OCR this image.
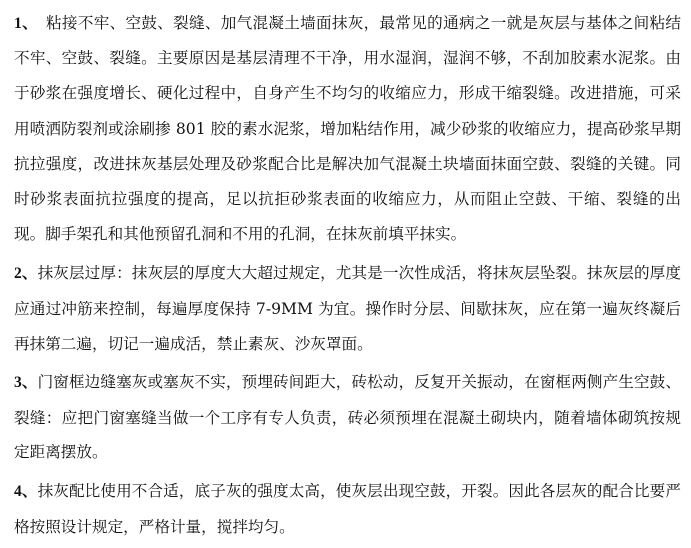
1、　粘接不牢、空鼓、裂缝、加气混凝土墙面抹灰，最常见的通病之一就是灰层与基体之间粘结不牢、空鼓、裂缝。主要原因是基层清理不干净，用水湿润，湿润不够，不刮加胶素水泥浆。由于砂浆在强度增长、硬化过程中，自身产生不均匀的收缩应力，形成干缩裂缝。改进措施，可采用喷洒防裂剂或涂刷掺 801 胶的素水泥浆，增加粘结作用，减少砂浆的收缩应力，提高砂浆早期抗拉强度，改进抹灰基层处理及砂浆配合比是解决加气混凝土块墙面抹面空鼓、裂缝的关键。同时砂浆表面抗拉强度的提高，足以抗拒砂浆表面的收缩应力，从而阻止空鼓、干缩、裂缝的出现。脚手架孔和其他预留孔洞和不用的孔洞，在抹灰前填平抹实。

2、抹灰层过厚：抹灰层的厚度大大超过规定，尤其是一次性成活，将抹灰层坠裂。抹灰层的厚度应通过冲筋来控制，每遍厚度保持 7-9MM 为宜。操作时分层、间歇抹灰，应在第一遍灰终凝后再抹第二遍，切记一遍成活，禁止素灰、沙灰罩面。

3、门窗框边缝塞灰或塞灰不实，预埋砖间距大，砖松动，反复开关振动，在窗框两侧产生空鼓、裂缝：应把门窗塞缝当做一个工序有专人负责，砖必须预埋在混凝土砌块内，随着墙体砌筑按规定距离摆放。

4、抹灰配比使用不合适，底子灰的强度太高，使灰层出现空鼓，开裂。因此各层灰的配合比要严格按照设计规定，严格计量，搅拌均匀。
